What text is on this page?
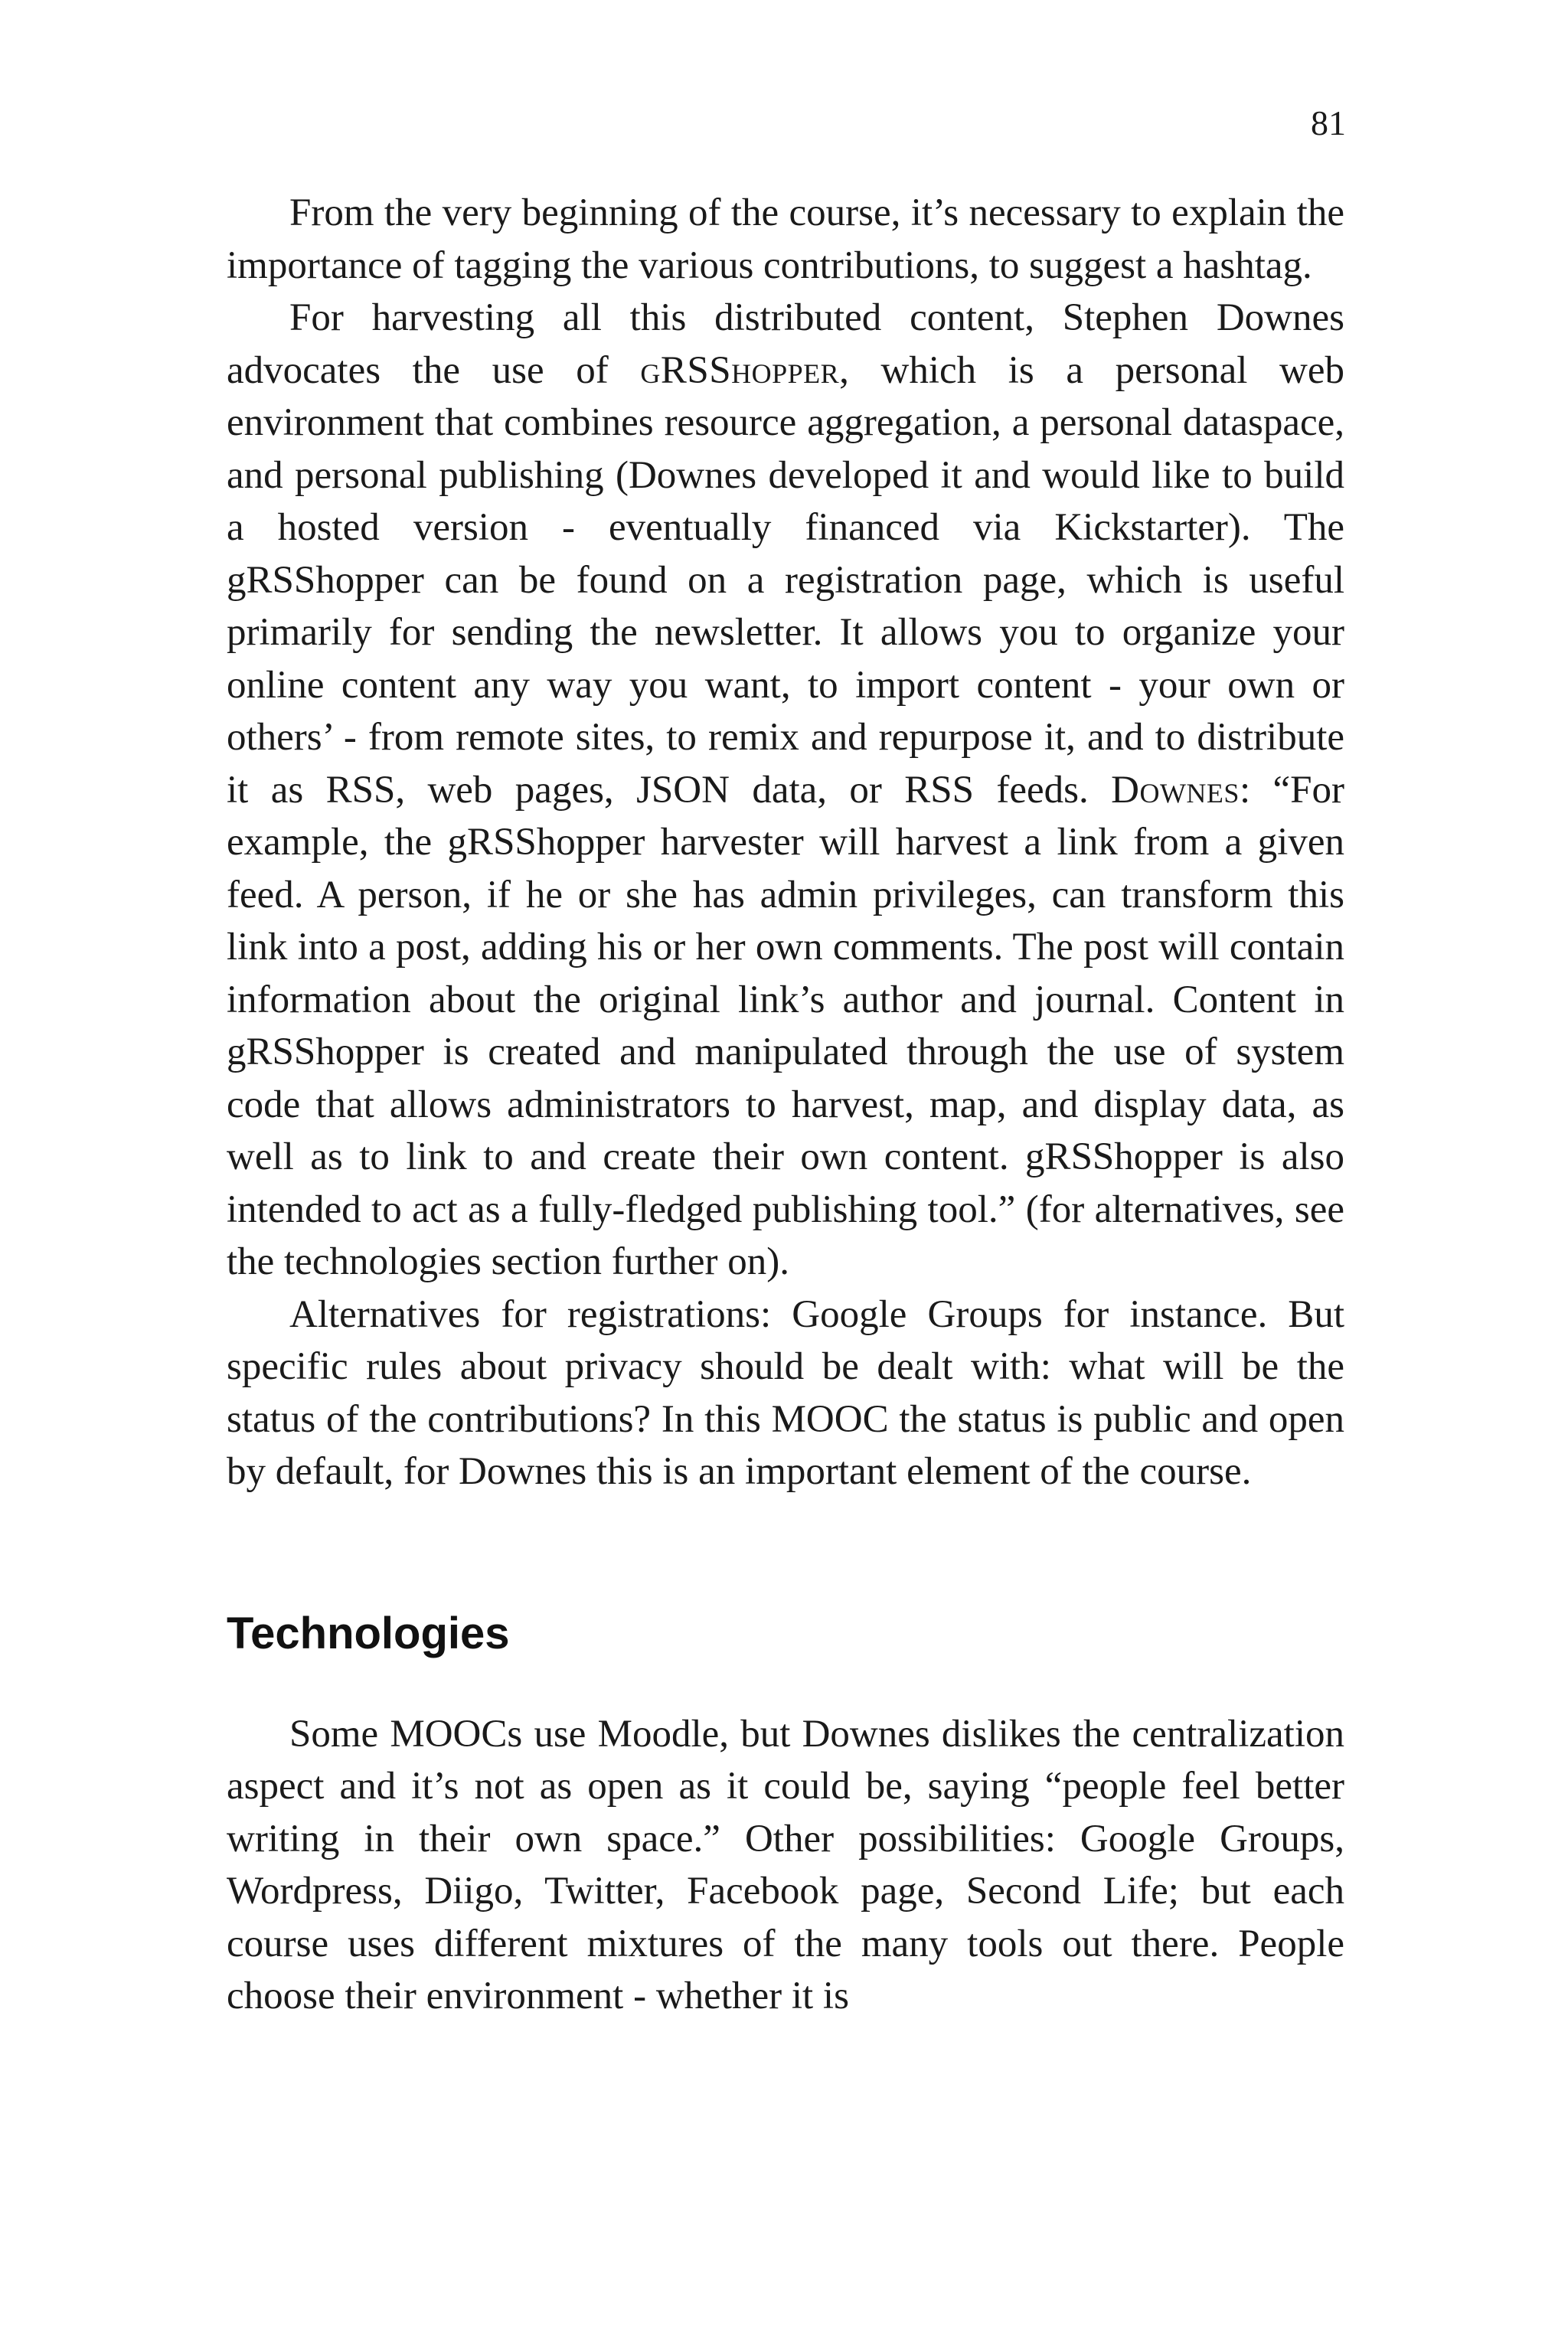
81

From the very beginning of the course, it’s necessary to explain the importance of tagging the various contributions, to suggest a hashtag.

For harvesting all this distributed content, Stephen Downes advocates the use of gRSShopper, which is a personal web environment that combines resource aggregation, a personal dataspace, and personal publishing (Downes developed it and would like to build a hosted version - eventually financed via Kickstarter). The gRSShopper can be found on a registration page, which is useful primarily for sending the newsletter. It allows you to organize your online content any way you want, to import content - your own or others’ - from remote sites, to remix and repurpose it, and to distribute it as RSS, web pages, JSON data, or RSS feeds. Downes: “For example, the gRSShopper harvester will harvest a link from a given feed. A person, if he or she has admin privileges, can transform this link into a post, adding his or her own comments. The post will contain information about the original link’s author and journal. Content in gRSShopper is created and manipulated through the use of system code that allows administrators to harvest, map, and display data, as well as to link to and create their own content. gRSShopper is also intended to act as a fully-fledged publishing tool.” (for alternatives, see the technologies section further on).

Alternatives for registrations: Google Groups for instance. But specific rules about privacy should be dealt with: what will be the status of the contributions? In this MOOC the status is public and open by default, for Downes this is an important element of the course.

Technologies

Some MOOCs use Moodle, but Downes dislikes the centralization aspect and it’s not as open as it could be, saying “people feel better writing in their own space.” Other possibilities: Google Groups, Wordpress, Diigo, Twitter, Facebook page, Second Life; but each course uses different mixtures of the many tools out there. People choose their environment - whether it is
